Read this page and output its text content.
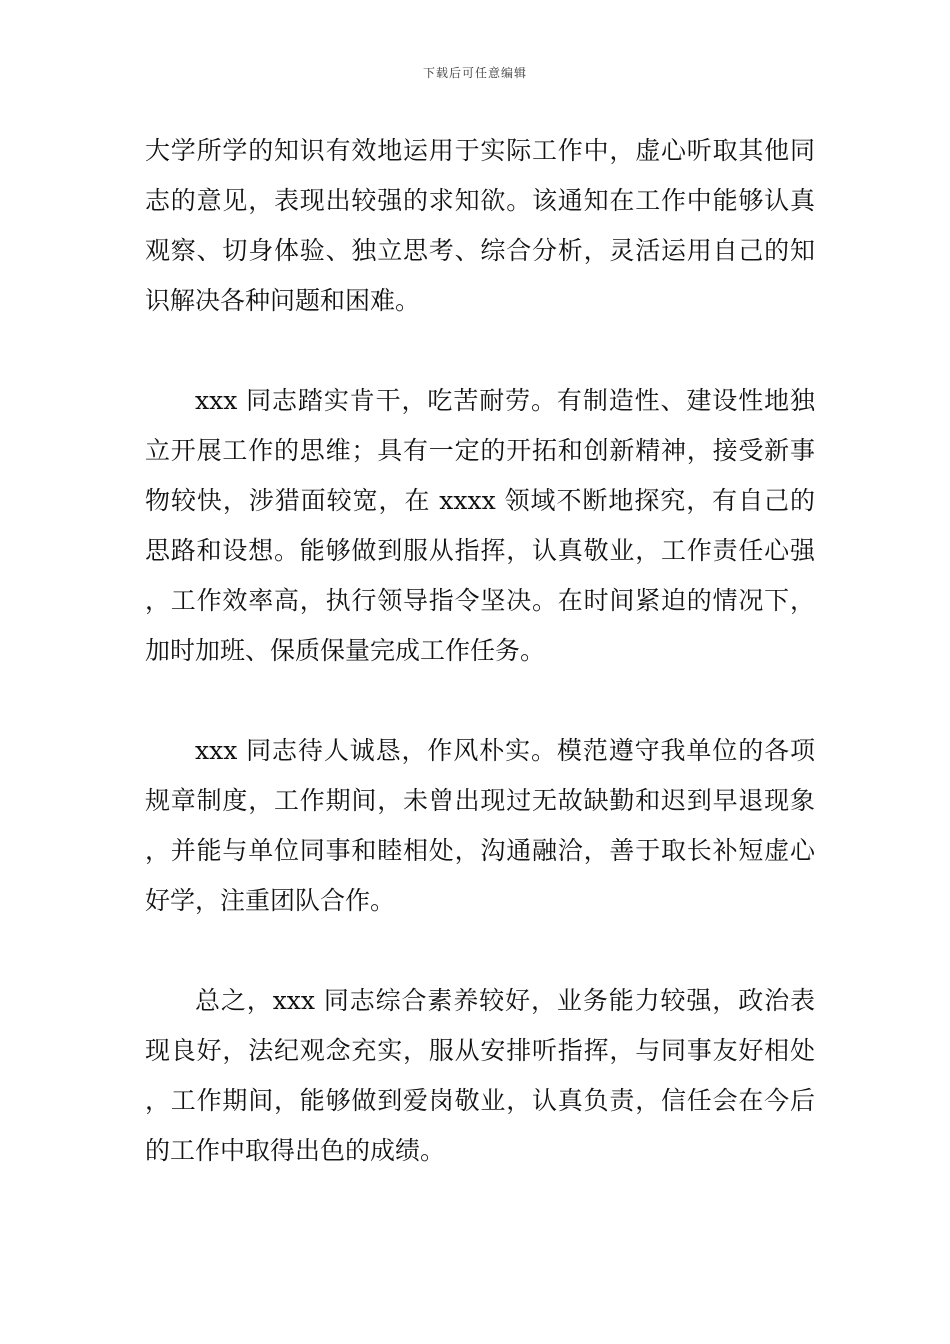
下载后可任意编辑

大学所学的知识有效地运用于实际工作中，虚心听取其他同志的意见，表现出较强的求知欲。该通知在工作中能够认真观察、切身体验、独立思考、综合分析，灵活运用自己的知识解决各种问题和困难。

xxx 同志踏实肯干，吃苦耐劳。有制造性、建设性地独立开展工作的思维；具有一定的开拓和创新精神，接受新事物较快，涉猎面较宽，在 xxxx 领域不断地探究，有自己的思路和设想。能够做到服从指挥，认真敬业，工作责任心强，工作效率高，执行领导指令坚决。在时间紧迫的情况下，加时加班、保质保量完成工作任务。

xxx 同志待人诚恳，作风朴实。模范遵守我单位的各项规章制度，工作期间，未曾出现过无故缺勤和迟到早退现象，并能与单位同事和睦相处，沟通融洽，善于取长补短虚心好学，注重团队合作。

总之，xxx 同志综合素养较好，业务能力较强，政治表现良好，法纪观念充实，服从安排听指挥，与同事友好相处，工作期间，能够做到爱岗敬业，认真负责，信任会在今后的工作中取得出色的成绩。
